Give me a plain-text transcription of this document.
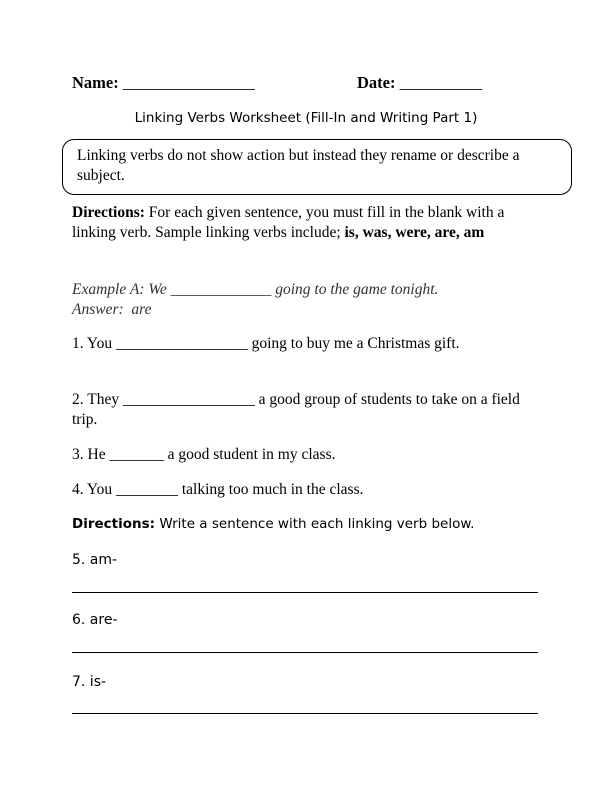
Name: ________________	Date: __________
Linking Verbs Worksheet (Fill-In and Writing Part 1)
Linking verbs do not show action but instead they rename or describe a subject.
Directions: For each given sentence, you must fill in the blank with a linking verb. Sample linking verbs include; is, was, were, are, am
Example A: We _____________ going to the game tonight.
Answer: are
1. You _________________ going to buy me a Christmas gift.
2. They _________________ a good group of students to take on a field trip.
3. He _______ a good student in my class.
4. You ________ talking too much in the class.
Directions: Write a sentence with each linking verb below.
5. am-
6. are-
7. is-
